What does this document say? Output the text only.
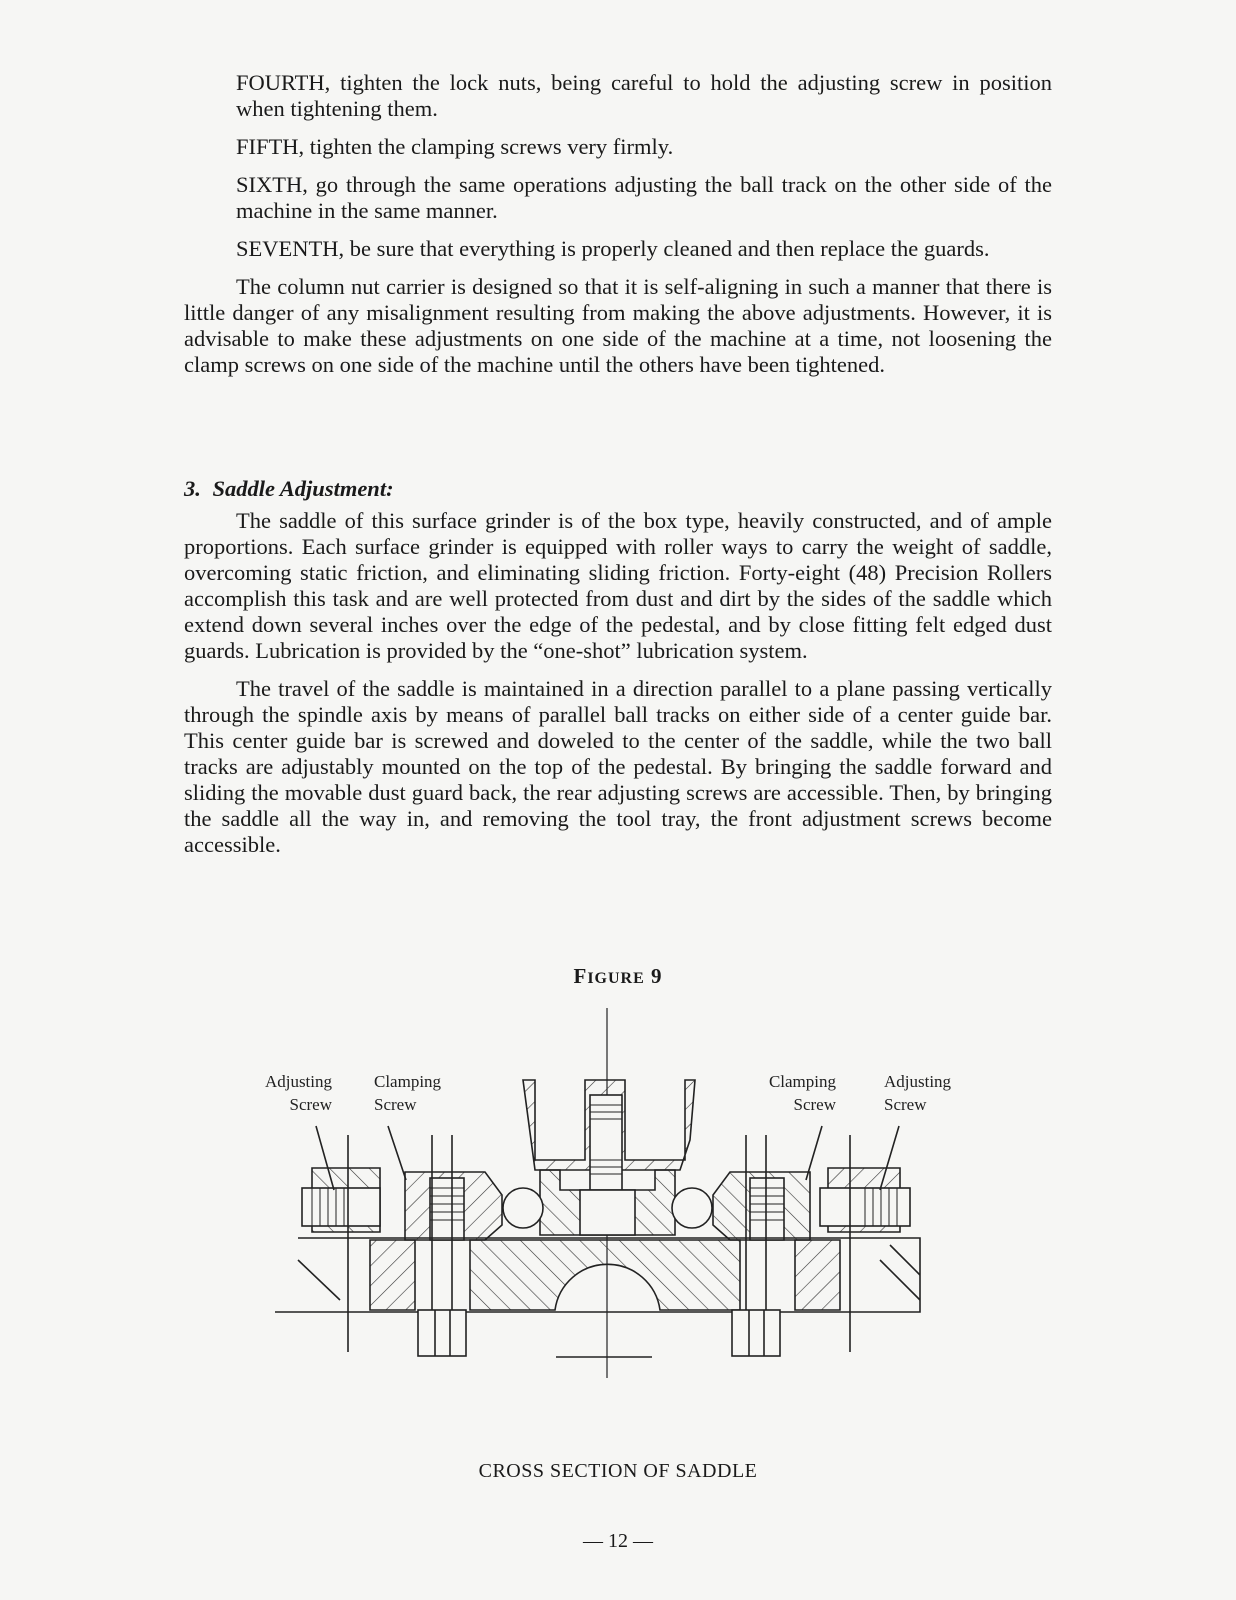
FOURTH, tighten the lock nuts, being careful to hold the adjusting screw in position when tightening them.

FIFTH, tighten the clamping screws very firmly.

SIXTH, go through the same operations adjusting the ball track on the other side of the machine in the same manner.

SEVENTH, be sure that everything is properly cleaned and then replace the guards.

The column nut carrier is designed so that it is self-aligning in such a manner that there is little danger of any misalignment resulting from making the above adjustments. However, it is advisable to make these adjustments on one side of the machine at a time, not loosening the clamp screws on one side of the machine until the others have been tightened.

3. Saddle Adjustment:

The saddle of this surface grinder is of the box type, heavily constructed, and of ample proportions. Each surface grinder is equipped with roller ways to carry the weight of saddle, overcoming static friction, and eliminating sliding friction. Forty-eight (48) Precision Rollers accomplish this task and are well protected from dust and dirt by the sides of the saddle which extend down several inches over the edge of the pedestal, and by close fitting felt edged dust guards. Lubrication is provided by the “one-shot” lubrication system.

The travel of the saddle is maintained in a direction parallel to a plane passing vertically through the spindle axis by means of parallel ball tracks on either side of a center guide bar. This center guide bar is screwed and doweled to the center of the saddle, while the two ball tracks are adjustably mounted on the top of the pedestal. By bringing the saddle forward and sliding the movable dust guard back, the rear adjusting screws are accessible. Then, by bringing the saddle all the way in, and removing the tool tray, the front adjustment screws become accessible.

FIGURE 9
Adjusting
Screw
Clamping
Screw
Clamping
Screw
Adjusting
Screw
CROSS SECTION OF SADDLE
— 12 —
